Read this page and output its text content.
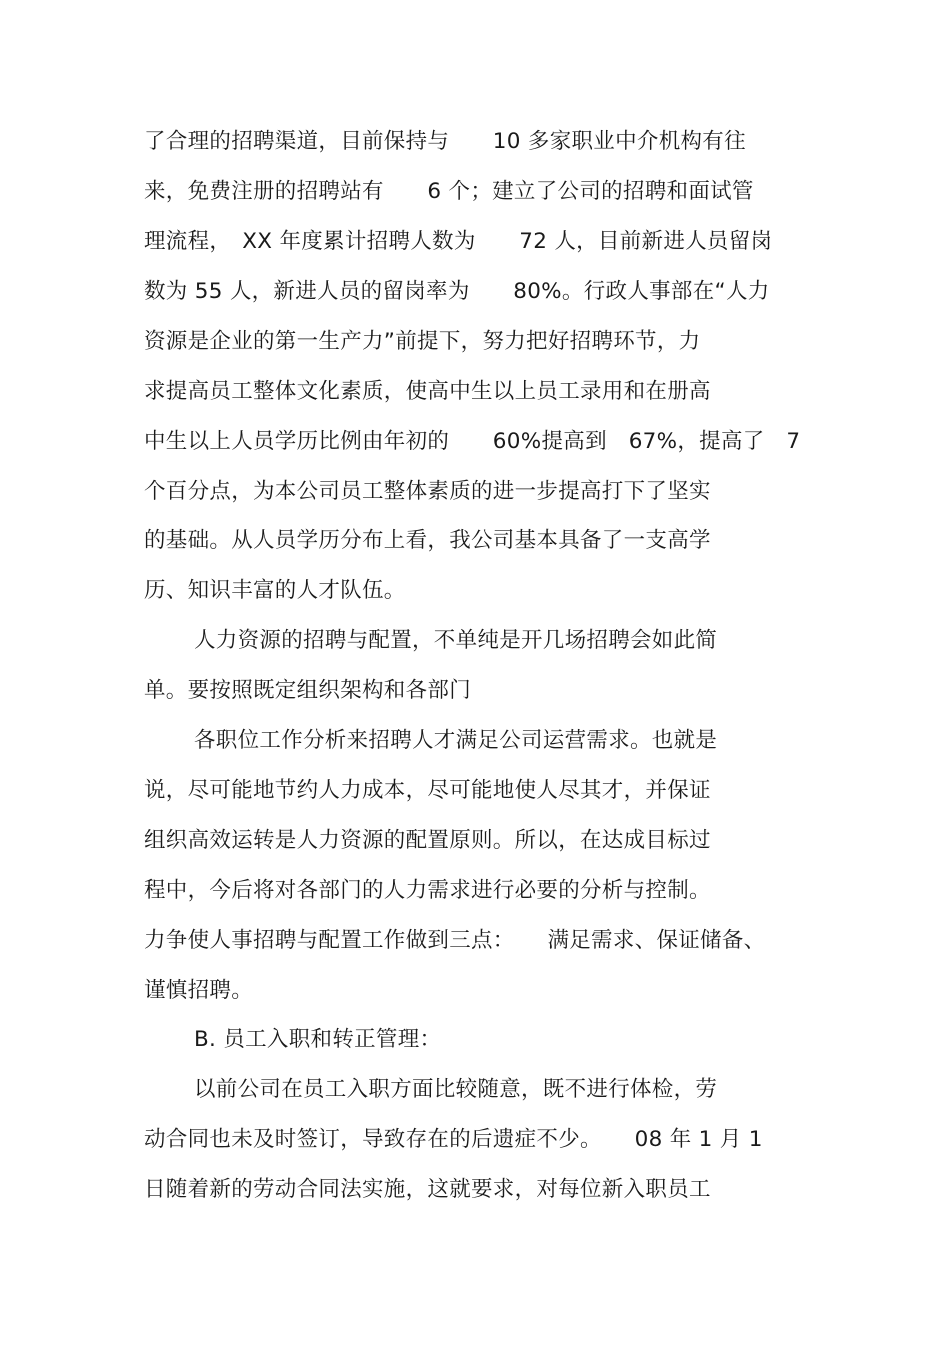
了合理的招聘渠道，目前保持与　　10 多家职业中介机构有往
来，免费注册的招聘站有　　6 个；建立了公司的招聘和面试管
理流程，　XX 年度累计招聘人数为　　72 人，目前新进人员留岗
数为 55 人，新进人员的留岗率为　　80%。行政人事部在“人力
资源是企业的第一生产力”前提下，努力把好招聘环节，力
求提高员工整体文化素质，使高中生以上员工录用和在册高
中生以上人员学历比例由年初的　　60%提高到　67%，提高了　7
个百分点，为本公司员工整体素质的进一步提高打下了坚实
的基础。从人员学历分布上看，我公司基本具备了一支高学
历、知识丰富的人才队伍。
人力资源的招聘与配置，不单纯是开几场招聘会如此简
单。要按照既定组织架构和各部门
各职位工作分析来招聘人才满足公司运营需求。也就是
说，尽可能地节约人力成本，尽可能地使人尽其才，并保证
组织高效运转是人力资源的配置原则。所以，在达成目标过
程中，今后将对各部门的人力需求进行必要的分析与控制。
力争使人事招聘与配置工作做到三点：　　满足需求、保证储备、
谨慎招聘。
B. 员工入职和转正管理：
以前公司在员工入职方面比较随意，既不进行体检，劳
动合同也未及时签订，导致存在的后遗症不少。　　08 年 1 月 1
日随着新的劳动合同法实施，这就要求，对每位新入职员工
